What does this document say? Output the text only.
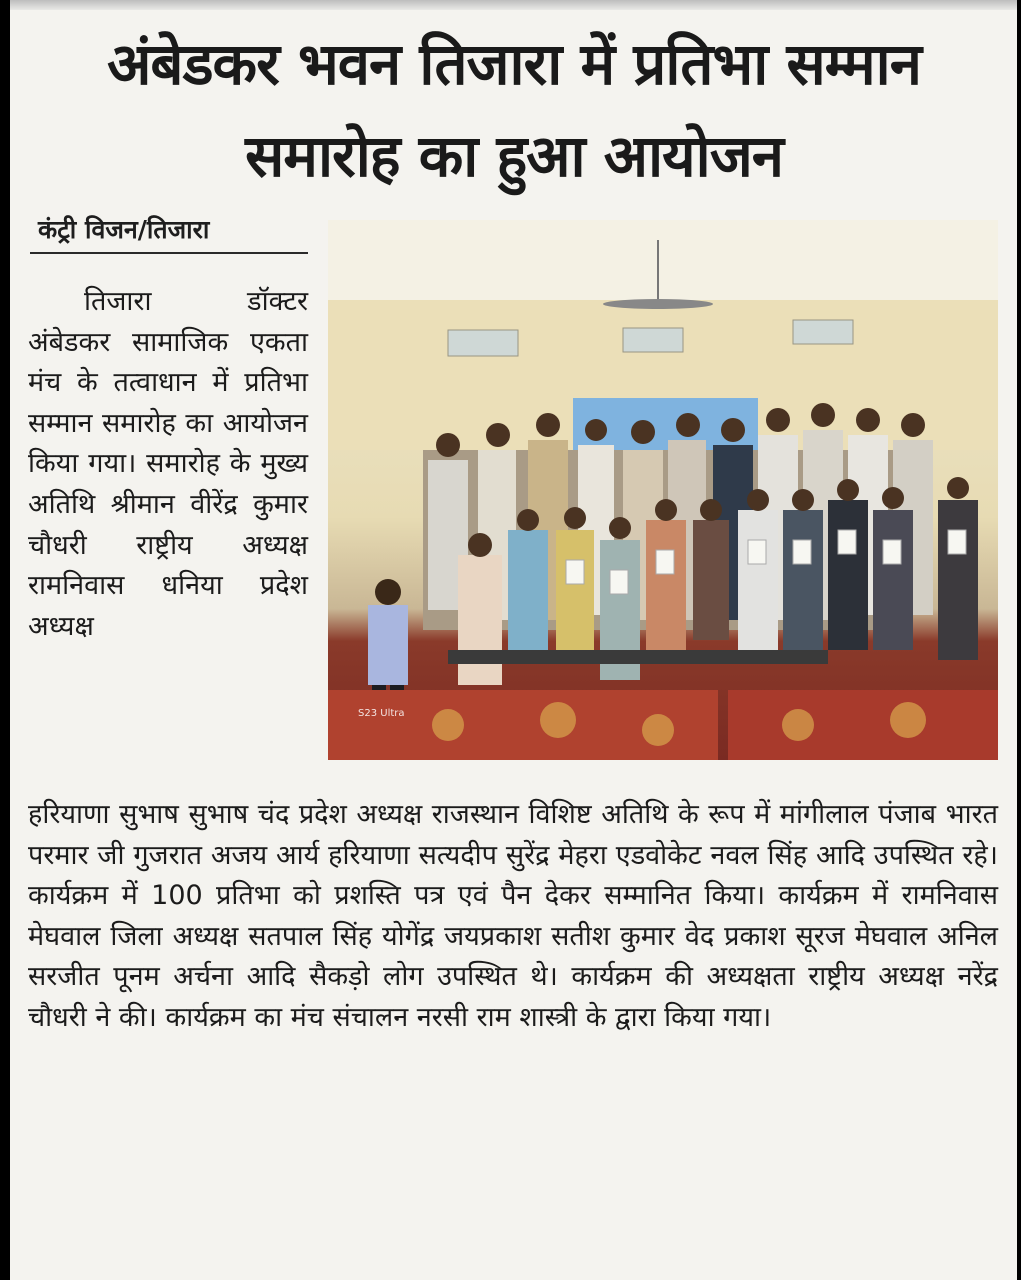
अंबेडकर भवन तिजारा में प्रतिभा सम्मान
समारोह का हुआ आयोजन
कंट्री विजन/तिजारा

तिजारा डॉक्टर अंबेडकर सामाजिक एकता मंच के तत्वाधान में प्रतिभा सम्मान समारोह का आयोजन किया गया। समारोह के मुख्य अतिथि श्रीमान वीरेंद्र कुमार चौधरी राष्ट्रीय अध्यक्ष रामनिवास धनिया प्रदेश अध्यक्ष

S23 Ultra

हरियाणा सुभाष सुभाष चंद प्रदेश अध्यक्ष राजस्थान विशिष्ट अतिथि के रूप में मांगीलाल पंजाब भारत परमार जी गुजरात अजय आर्य हरियाणा सत्यदीप सुरेंद्र मेहरा एडवोकेट नवल सिंह आदि उपस्थित रहे। कार्यक्रम में 100 प्रतिभा को प्रशस्ति पत्र एवं पैन देकर सम्मानित किया। कार्यक्रम में रामनिवास मेघवाल जिला अध्यक्ष सतपाल सिंह योगेंद्र जयप्रकाश सतीश कुमार वेद प्रकाश सूरज मेघवाल अनिल सरजीत पूनम अर्चना आदि सैकड़ो लोग उपस्थित थे। कार्यक्रम की अध्यक्षता राष्ट्रीय अध्यक्ष नरेंद्र चौधरी ने की। कार्यक्रम का मंच संचालन नरसी राम शास्त्री के द्वारा किया गया।
